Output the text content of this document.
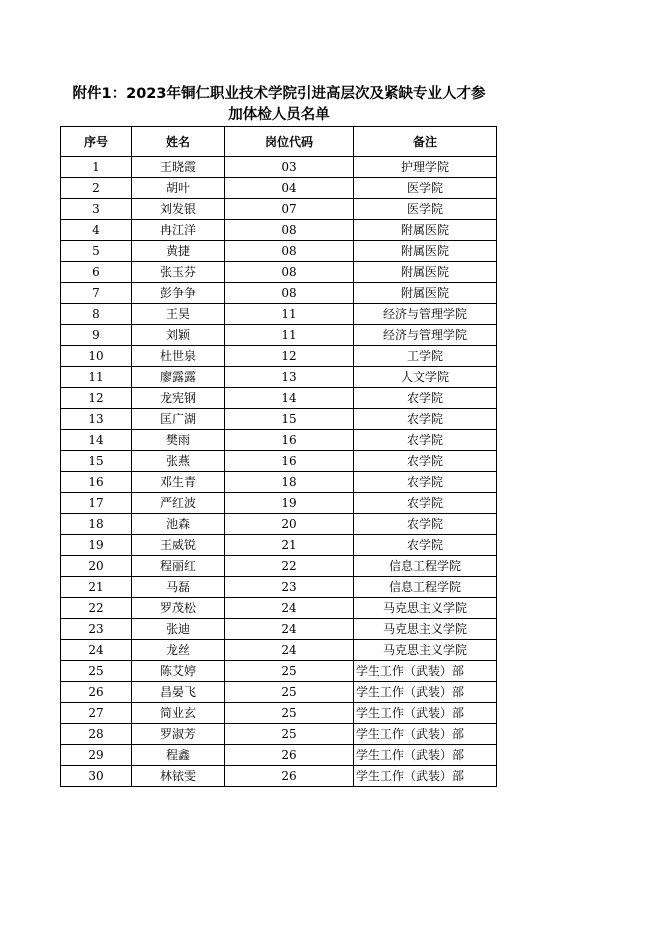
附件1：2023年铜仁职业技术学院引进高层次及紧缺专业人才参
加体检人员名单
序号	姓名	岗位代码	备注
1	王晓霞	03	护理学院
2	胡叶	04	医学院
3	刘发银	07	医学院
4	冉江洋	08	附属医院
5	黄捷	08	附属医院
6	张玉芬	08	附属医院
7	彭争争	08	附属医院
8	王昊	11	经济与管理学院
9	刘颖	11	经济与管理学院
10	杜世泉	12	工学院
11	廖露露	13	人文学院
12	龙宪钢	14	农学院
13	匡广湖	15	农学院
14	樊雨	16	农学院
15	张燕	16	农学院
16	邓生青	18	农学院
17	严红波	19	农学院
18	池森	20	农学院
19	王威锐	21	农学院
20	程丽红	22	信息工程学院
21	马磊	23	信息工程学院
22	罗茂松	24	马克思主义学院
23	张迪	24	马克思主义学院
24	龙丝	24	马克思主义学院
25	陈艾婷	25	学生工作（武装）部
26	昌晏飞	25	学生工作（武装）部
27	简业玄	25	学生工作（武装）部
28	罗淑芳	25	学生工作（武装）部
29	程鑫	26	学生工作（武装）部
30	林铱雯	26	学生工作（武装）部
